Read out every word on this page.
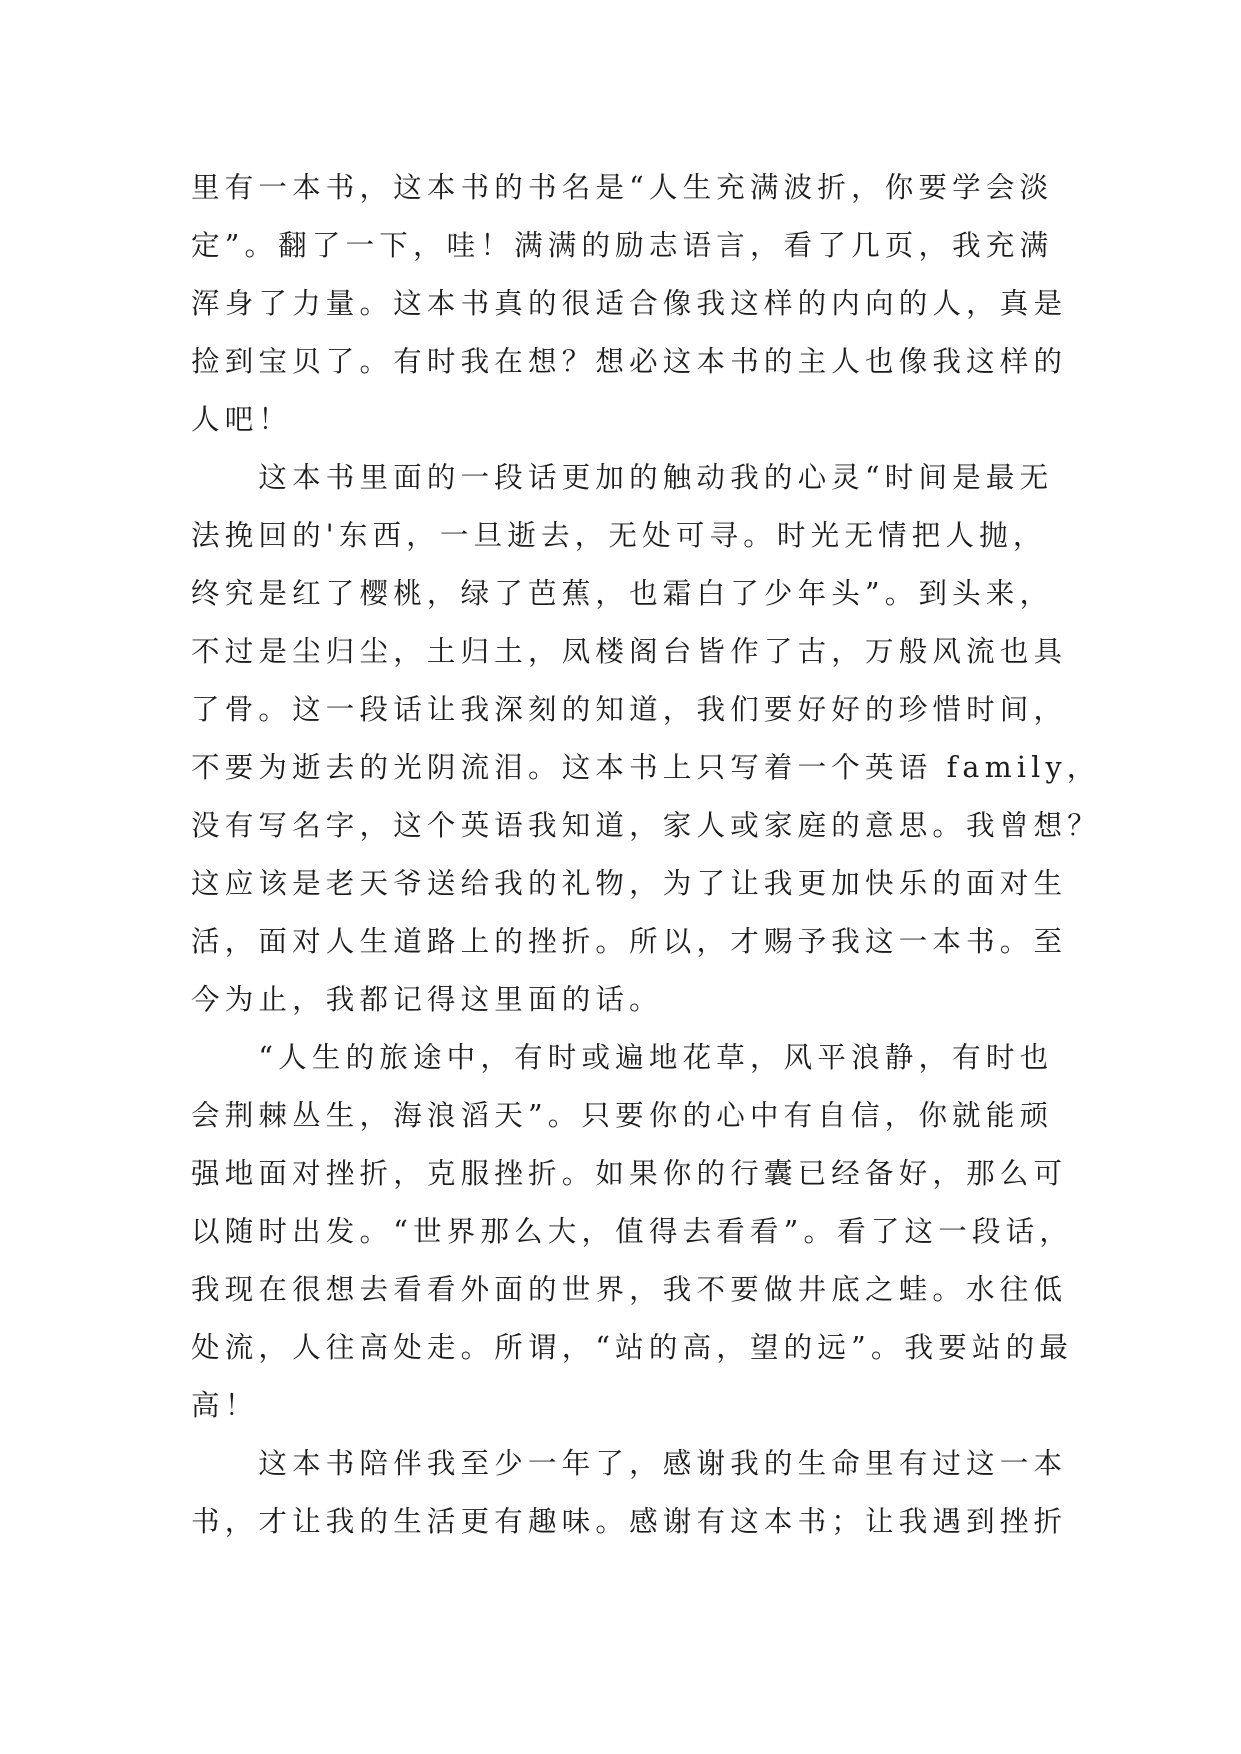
里有一本书，这本书的书名是“人生充满波折，你要学会淡
定”。翻了一下，哇！满满的励志语言，看了几页，我充满
浑身了力量。这本书真的很适合像我这样的内向的人，真是
捡到宝贝了。有时我在想？想必这本书的主人也像我这样的
人吧！
　　这本书里面的一段话更加的触动我的心灵“时间是最无
法挽回的'东西，一旦逝去，无处可寻。时光无情把人抛，
终究是红了樱桃，绿了芭蕉，也霜白了少年头”。到头来，
不过是尘归尘，土归土，凤楼阁台皆作了古，万般风流也具
了骨。这一段话让我深刻的知道，我们要好好的珍惜时间，
不要为逝去的光阴流泪。这本书上只写着一个英语 family，
没有写名字，这个英语我知道，家人或家庭的意思。我曾想？
这应该是老天爷送给我的礼物，为了让我更加快乐的面对生
活，面对人生道路上的挫折。所以，才赐予我这一本书。至
今为止，我都记得这里面的话。
　　“人生的旅途中，有时或遍地花草，风平浪静，有时也
会荆棘丛生，海浪滔天”。只要你的心中有自信，你就能顽
强地面对挫折，克服挫折。如果你的行囊已经备好，那么可
以随时出发。“世界那么大，值得去看看”。看了这一段话，
我现在很想去看看外面的世界，我不要做井底之蛙。水往低
处流，人往高处走。所谓，“站的高，望的远”。我要站的最
高！
　　这本书陪伴我至少一年了，感谢我的生命里有过这一本
书，才让我的生活更有趣味。感谢有这本书；让我遇到挫折
